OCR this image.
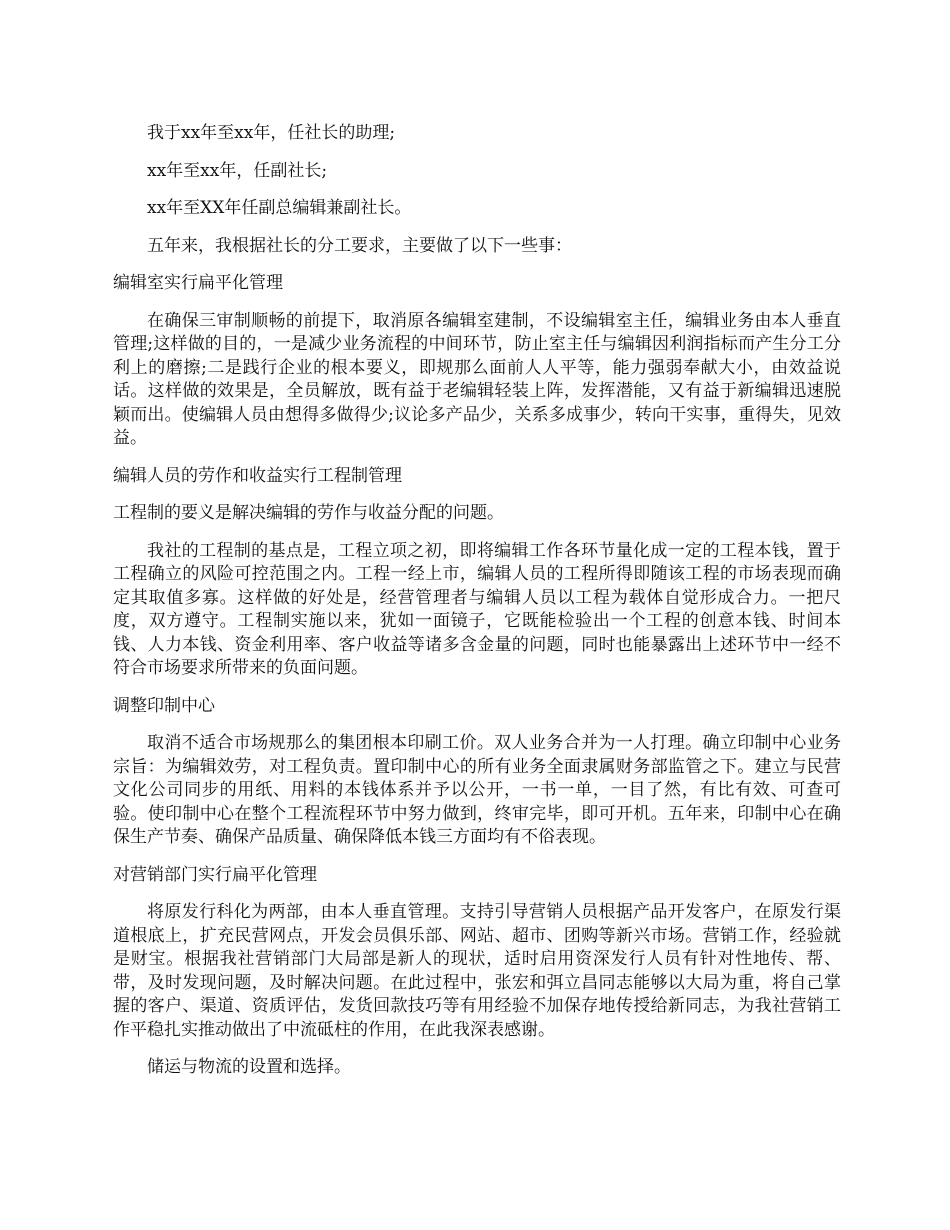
我于xx年至xx年，任社长的助理;

xx年至xx年，任副社长;

xx年至XX年任副总编辑兼副社长。

五年来，我根据社长的分工要求，主要做了以下一些事：

编辑室实行扁平化管理

在确保三审制顺畅的前提下，取消原各编辑室建制，不设编辑室主任，编辑业务由本人垂直管理;这样做的目的，一是减少业务流程的中间环节，防止室主任与编辑因利润指标而产生分工分利上的磨擦;二是践行企业的根本要义，即规那么面前人人平等，能力强弱奉献大小，由效益说话。这样做的效果是，全员解放，既有益于老编辑轻装上阵，发挥潜能，又有益于新编辑迅速脱颖而出。使编辑人员由想得多做得少;议论多产品少，关系多成事少，转向干实事，重得失，见效益。

编辑人员的劳作和收益实行工程制管理

工程制的要义是解决编辑的劳作与收益分配的问题。

我社的工程制的基点是，工程立项之初，即将编辑工作各环节量化成一定的工程本钱，置于工程确立的风险可控范围之内。工程一经上市，编辑人员的工程所得即随该工程的市场表现而确定其取值多寡。这样做的好处是，经营管理者与编辑人员以工程为载体自觉形成合力。一把尺度，双方遵守。工程制实施以来，犹如一面镜子，它既能检验出一个工程的创意本钱、时间本钱、人力本钱、资金利用率、客户收益等诸多含金量的问题，同时也能暴露出上述环节中一经不符合市场要求所带来的负面问题。

调整印制中心

取消不适合市场规那么的集团根本印刷工价。双人业务合并为一人打理。确立印制中心业务宗旨：为编辑效劳，对工程负责。置印制中心的所有业务全面隶属财务部监管之下。建立与民营文化公司同步的用纸、用料的本钱体系并予以公开，一书一单，一目了然，有比有效、可查可验。使印制中心在整个工程流程环节中努力做到，终审完毕，即可开机。五年来，印制中心在确保生产节奏、确保产品质量、确保降低本钱三方面均有不俗表现。

对营销部门实行扁平化管理

将原发行科化为两部，由本人垂直管理。支持引导营销人员根据产品开发客户，在原发行渠道根底上，扩充民营网点，开发会员俱乐部、网站、超市、团购等新兴市场。营销工作，经验就是财宝。根据我社营销部门大局部是新人的现状，适时启用资深发行人员有针对性地传、帮、带，及时发现问题，及时解决问题。在此过程中，张宏和弭立昌同志能够以大局为重，将自己掌握的客户、渠道、资质评估，发货回款技巧等有用经验不加保存地传授给新同志，为我社营销工作平稳扎实推动做出了中流砥柱的作用，在此我深表感谢。

储运与物流的设置和选择。
